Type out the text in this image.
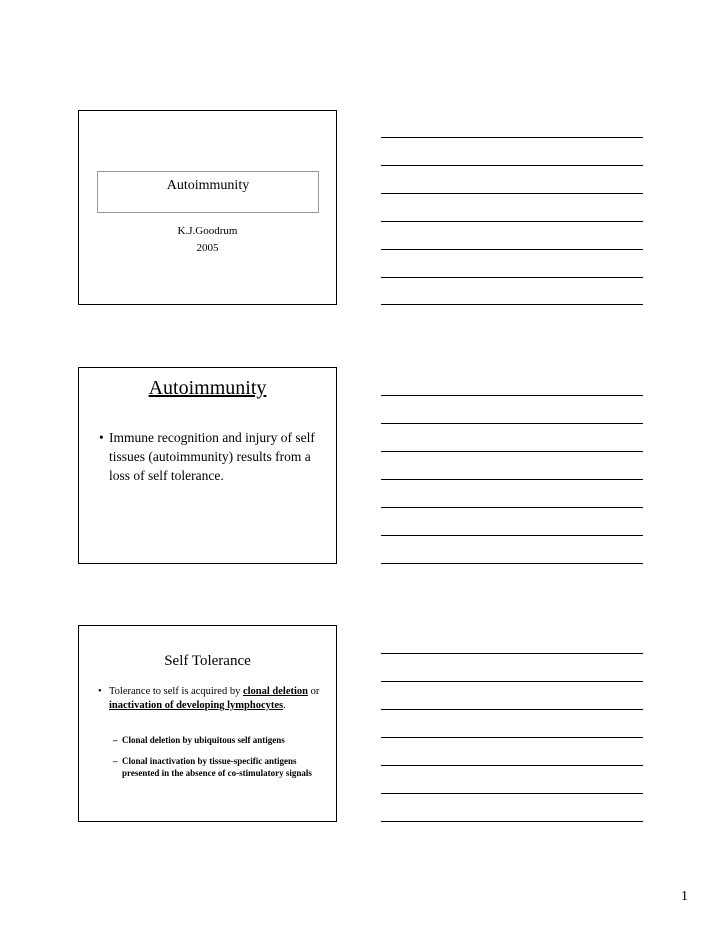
Autoimmunity
K.J.Goodrum
2005
Autoimmunity
• Immune recognition and injury of self tissues (autoimmunity) results from a loss of self tolerance.
Self Tolerance
• Tolerance to self is acquired by clonal deletion or inactivation of developing lymphocytes.
– Clonal deletion by ubiquitous self antigens
– Clonal inactivation by tissue-specific antigens presented in the absence of co-stimulatory signals
1
